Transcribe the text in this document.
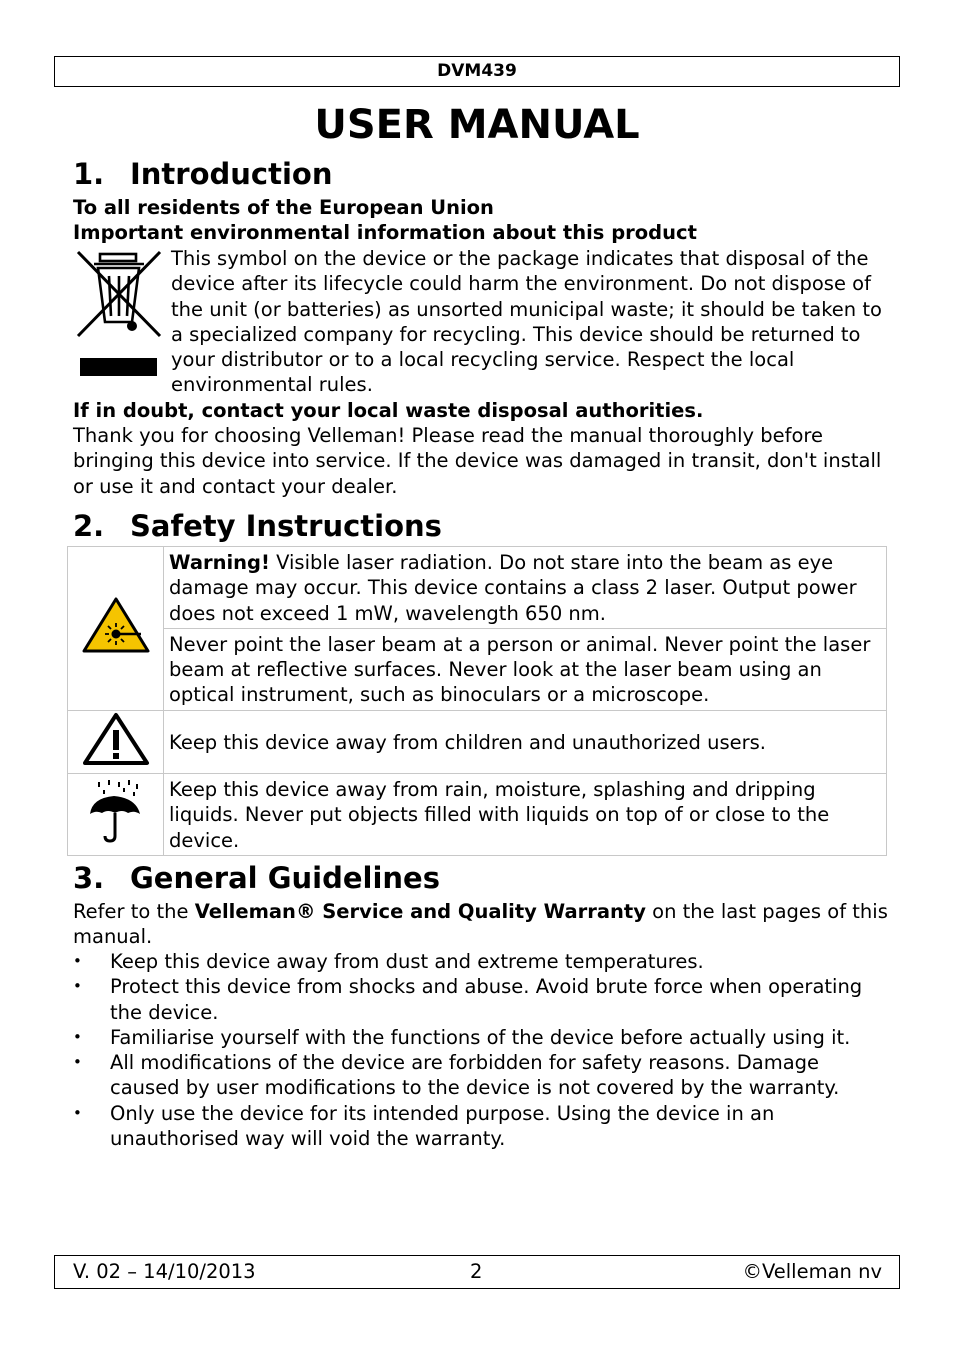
DVM439
USER MANUAL
1. Introduction

To all residents of the European Union

Important environmental information about this product

This symbol on the device or the package indicates that disposal of the device after its lifecycle could harm the environment. Do not dispose of the unit (or batteries) as unsorted municipal waste; it should be taken to a specialized company for recycling. This device should be returned to your distributor or to a local recycling service. Respect the local environmental rules.

If in doubt, contact your local waste disposal authorities.

Thank you for choosing Velleman! Please read the manual thoroughly before bringing this device into service. If the device was damaged in transit, don't install or use it and contact your dealer.

2. Safety Instructions
	Warning! Visible laser radiation. Do not stare into the beam as eye damage may occur. This device contains a class 2 laser. Output power does not exceed 1 mW, wavelength 650 nm.
	Never point the laser beam at a person or animal. Never point the laser beam at reflective surfaces. Never look at the laser beam using an optical instrument, such as binoculars or a microscope.
	Keep this device away from children and unauthorized users.
	Keep this device away from rain, moisture, splashing and dripping liquids. Never put objects filled with liquids on top of or close to the device.
3. General Guidelines

Refer to the Velleman® Service and Quality Warranty on the last pages of this manual.

• Keep this device away from dust and extreme temperatures.
• Protect this device from shocks and abuse. Avoid brute force when operating the device.
• Familiarise yourself with the functions of the device before actually using it.
• All modifications of the device are forbidden for safety reasons. Damage caused by user modifications to the device is not covered by the warranty.
• Only use the device for its intended purpose. Using the device in an unauthorised way will void the warranty.
V. 02 – 14/10/2013	2	©Velleman nv
